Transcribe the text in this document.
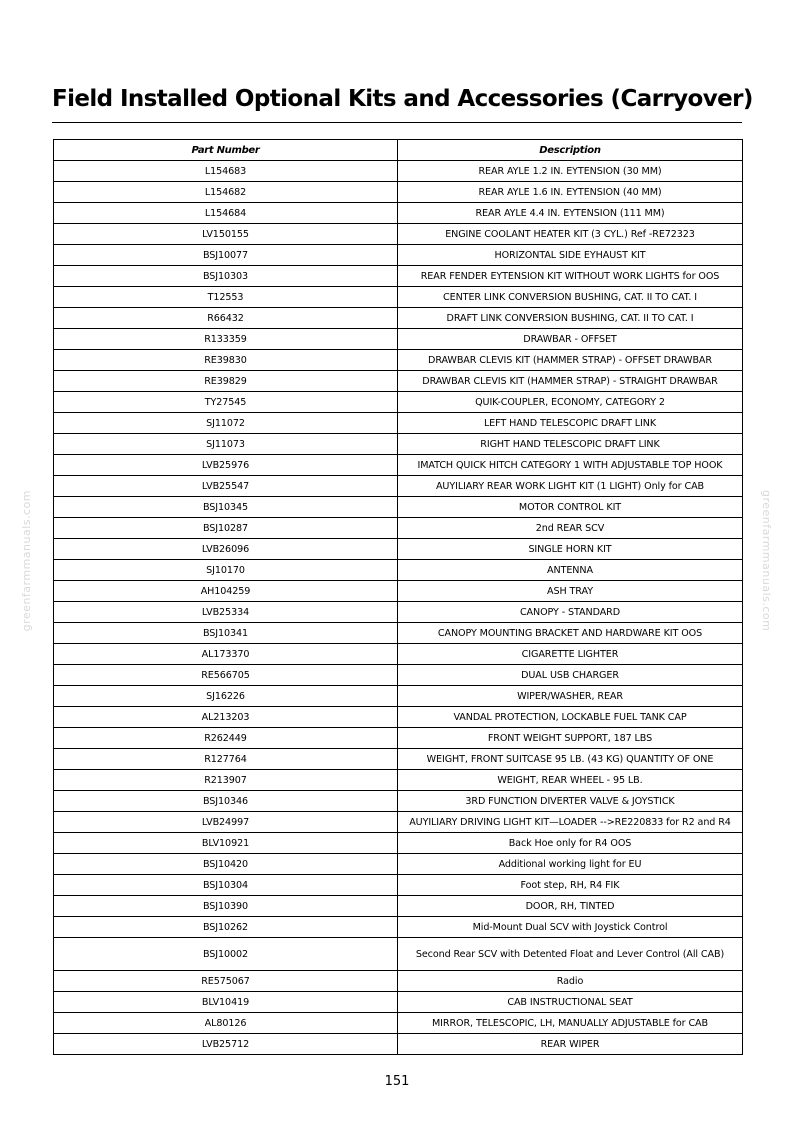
Field Installed Optional Kits and Accessories (Carryover)
greenfarmmanuals.com	greenfarmmanuals.com
Part Number	Description
L154683	REAR AYLE 1.2 IN. EYTENSION (30 MM)
L154682	REAR AYLE 1.6 IN. EYTENSION (40 MM)
L154684	REAR AYLE 4.4 IN. EYTENSION (111 MM)
LV150155	ENGINE COOLANT HEATER KIT (3 CYL.) Ref -RE72323
BSJ10077	HORIZONTAL SIDE EYHAUST KIT
BSJ10303	REAR FENDER EYTENSION KIT WITHOUT WORK LIGHTS for OOS
T12553	CENTER LINK CONVERSION BUSHING, CAT. II TO CAT. I
R66432	DRAFT LINK CONVERSION BUSHING, CAT. II TO CAT. I
R133359	DRAWBAR - OFFSET
RE39830	DRAWBAR CLEVIS KIT (HAMMER STRAP) - OFFSET DRAWBAR
RE39829	DRAWBAR CLEVIS KIT (HAMMER STRAP) - STRAIGHT DRAWBAR
TY27545	QUIK-COUPLER, ECONOMY, CATEGORY 2
SJ11072	LEFT HAND TELESCOPIC DRAFT LINK
SJ11073	RIGHT HAND TELESCOPIC DRAFT LINK
LVB25976	IMATCH QUICK HITCH CATEGORY 1 WITH ADJUSTABLE TOP HOOK
LVB25547	AUYILIARY REAR WORK LIGHT KIT (1 LIGHT) Only for CAB
BSJ10345	MOTOR CONTROL KIT
BSJ10287	2nd REAR SCV
LVB26096	SINGLE HORN KIT
SJ10170	ANTENNA
AH104259	ASH TRAY
LVB25334	CANOPY - STANDARD
BSJ10341	CANOPY MOUNTING BRACKET AND HARDWARE KIT OOS
AL173370	CIGARETTE LIGHTER
RE566705	DUAL USB CHARGER
SJ16226	WIPER/WASHER, REAR
AL213203	VANDAL PROTECTION, LOCKABLE FUEL TANK CAP
R262449	FRONT WEIGHT SUPPORT, 187 LBS
R127764	WEIGHT, FRONT SUITCASE 95 LB. (43 KG) QUANTITY OF ONE
R213907	WEIGHT, REAR WHEEL - 95 LB.
BSJ10346	3RD FUNCTION DIVERTER VALVE & JOYSTICK
LVB24997	AUYILIARY DRIVING LIGHT KIT—LOADER -->RE220833 for R2 and R4
BLV10921	Back Hoe only for R4 OOS
BSJ10420	Additional working light for EU
BSJ10304	Foot step, RH, R4 FIK
BSJ10390	DOOR, RH, TINTED
BSJ10262	Mid-Mount Dual SCV with Joystick Control
BSJ10002	Second Rear SCV with Detented Float and Lever Control (All CAB)
RE575067	Radio
BLV10419	CAB INSTRUCTIONAL SEAT
AL80126	MIRROR, TELESCOPIC, LH, MANUALLY ADJUSTABLE for CAB
LVB25712	REAR WIPER
151
